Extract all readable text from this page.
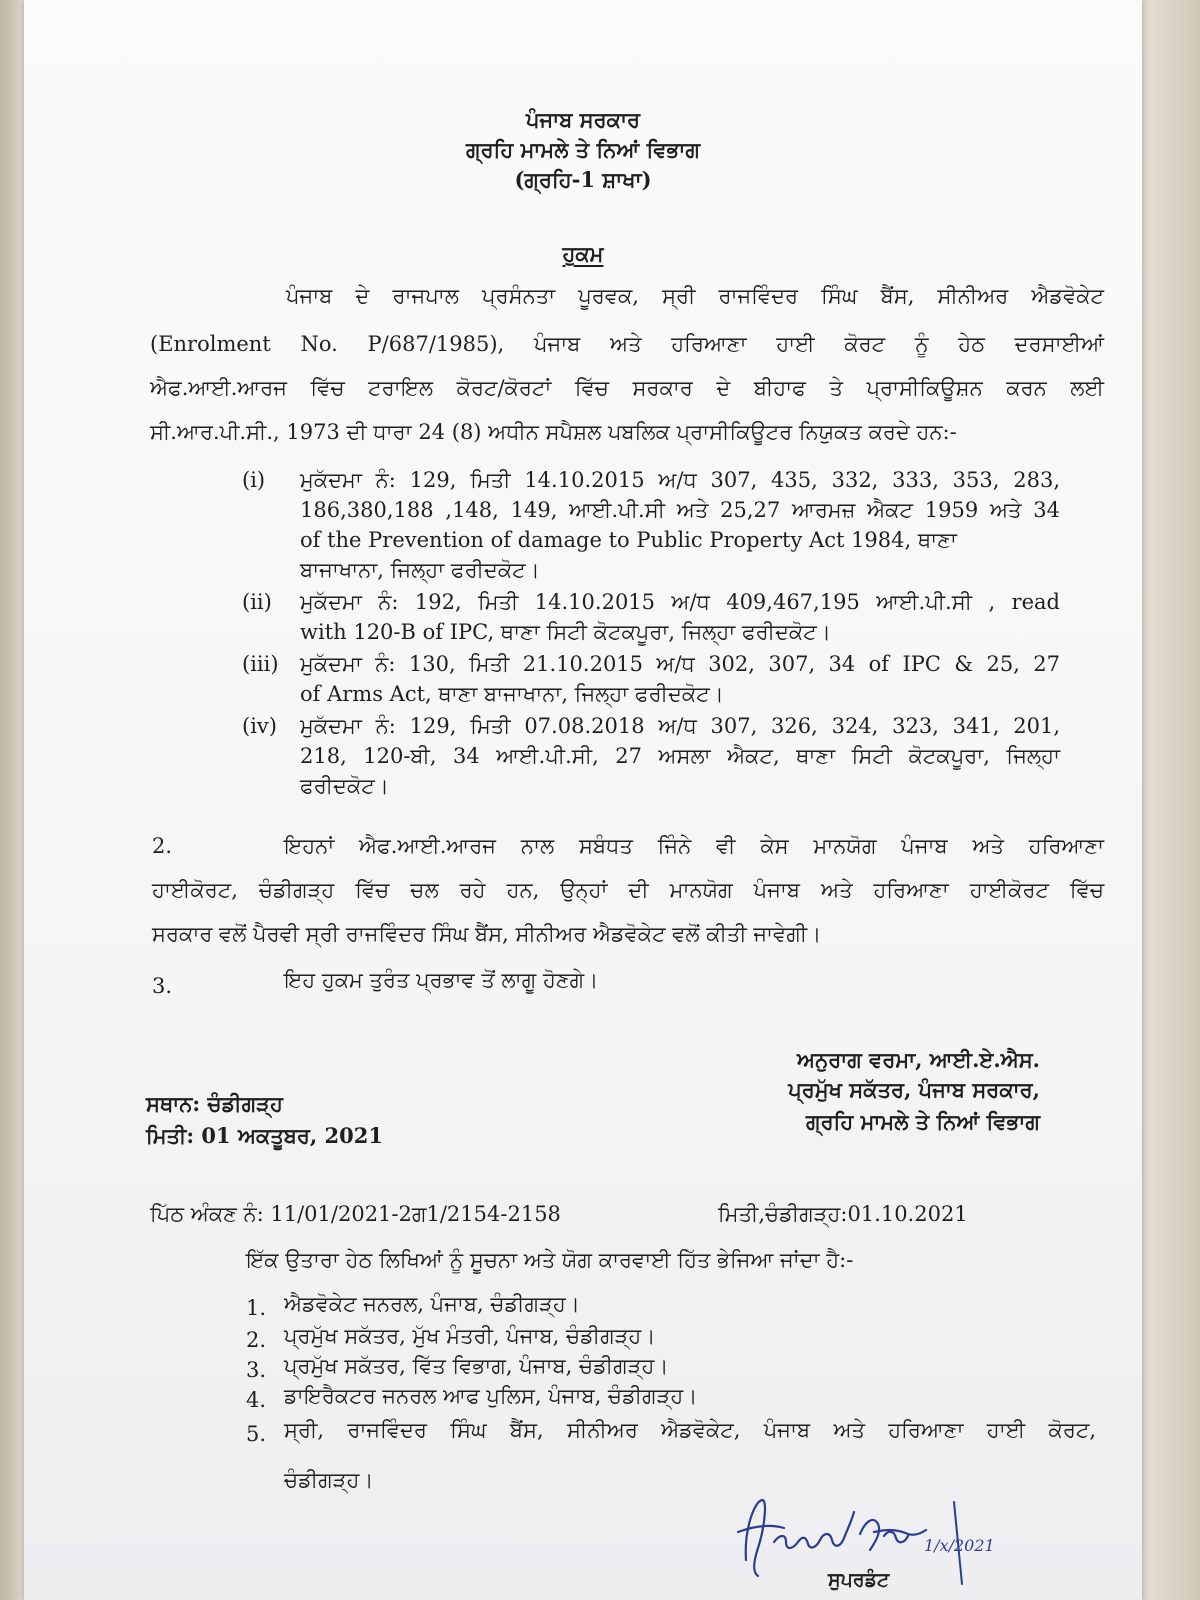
ਪੰਜਾਬ ਸਰਕਾਰ
ਗ੍ਰਹਿ ਮਾਮਲੇ ਤੇ ਨਿਆਂ ਵਿਭਾਗ
(ਗ੍ਰਹਿ-1 ਸ਼ਾਖਾ)
ਹੁਕਮ
ਪੰਜਾਬ ਦੇ ਰਾਜਪਾਲ ਪ੍ਰਸੰਨਤਾ ਪੂਰਵਕ, ਸ੍ਰੀ ਰਾਜਵਿੰਦਰ ਸਿੰਘ ਬੈਂਸ, ਸੀਨੀਅਰ ਐਡਵੋਕੇਟ
(Enrolment No. P/687/1985), ਪੰਜਾਬ ਅਤੇ ਹਰਿਆਣਾ ਹਾਈ ਕੋਰਟ ਨੂੰ ਹੇਠ ਦਰਸਾਈਆਂ
ਐਫ.ਆਈ.ਆਰਜ ਵਿੱਚ ਟਰਾਇਲ ਕੋਰਟ/ਕੋਰਟਾਂ ਵਿੱਚ ਸਰਕਾਰ ਦੇ ਬੀਹਾਫ ਤੇ ਪ੍ਰਾਸੀਕਿਊਸ਼ਨ ਕਰਨ ਲਈ
ਸੀ.ਆਰ.ਪੀ.ਸੀ., 1973 ਦੀ ਧਾਰਾ 24 (8) ਅਧੀਨ ਸਪੈਸ਼ਲ ਪਬਲਿਕ ਪ੍ਰਾਸੀਕਿਊਟਰ ਨਿਯੁਕਤ ਕਰਦੇ ਹਨ:-
(i) ਮੁਕੱਦਮਾ ਨੰ: 129, ਮਿਤੀ 14.10.2015 ਅ/ਧ 307, 435, 332, 333, 353, 283,
186,380,188 ,148, 149, ਆਈ.ਪੀ.ਸੀ ਅਤੇ 25,27 ਆਰਮਜ਼ ਐਕਟ 1959 ਅਤੇ 34
of the Prevention of damage to Public Property Act 1984, ਥਾਣਾ
ਬਾਜਾਖਾਨਾ, ਜਿਲ੍ਹਾ ਫਰੀਦਕੋਟ।
(ii) ਮੁਕੱਦਮਾ ਨੰ: 192, ਮਿਤੀ 14.10.2015 ਅ/ਧ 409,467,195 ਆਈ.ਪੀ.ਸੀ , read
with 120-B of IPC, ਥਾਣਾ ਸਿਟੀ ਕੋਟਕਪੂਰਾ, ਜਿਲ੍ਹਾ ਫਰੀਦਕੋਟ।
(iii) ਮੁਕੱਦਮਾ ਨੰ: 130, ਮਿਤੀ 21.10.2015 ਅ/ਧ 302, 307, 34 of IPC & 25, 27
of Arms Act, ਥਾਣਾ ਬਾਜਾਖਾਨਾ, ਜਿਲ੍ਹਾ ਫਰੀਦਕੋਟ।
(iv) ਮੁਕੱਦਮਾ ਨੰ: 129, ਮਿਤੀ 07.08.2018 ਅ/ਧ 307, 326, 324, 323, 341, 201,
218, 120-ਬੀ, 34 ਆਈ.ਪੀ.ਸੀ, 27 ਅਸਲਾ ਐਕਟ, ਥਾਣਾ ਸਿਟੀ ਕੋਟਕਪੂਰਾ, ਜਿਲ੍ਹਾ
ਫਰੀਦਕੋਟ।
2.	ਇਹਨਾਂ ਐਫ.ਆਈ.ਆਰਜ ਨਾਲ ਸਬੰਧਤ ਜਿੰਨੇ ਵੀ ਕੇਸ ਮਾਨਯੋਗ ਪੰਜਾਬ ਅਤੇ ਹਰਿਆਣਾ
ਹਾਈਕੋਰਟ, ਚੰਡੀਗੜ੍ਹ ਵਿੱਚ ਚਲ ਰਹੇ ਹਨ, ਉਨ੍ਹਾਂ ਦੀ ਮਾਨਯੋਗ ਪੰਜਾਬ ਅਤੇ ਹਰਿਆਣਾ ਹਾਈਕੋਰਟ ਵਿੱਚ
ਸਰਕਾਰ ਵਲੋਂ ਪੈਰਵੀ ਸ੍ਰੀ ਰਾਜਵਿੰਦਰ ਸਿੰਘ ਬੈਂਸ, ਸੀਨੀਅਰ ਐਡਵੋਕੇਟ ਵਲੋਂ ਕੀਤੀ ਜਾਵੇਗੀ।
3.	ਇਹ ਹੁਕਮ ਤੁਰੰਤ ਪ੍ਰਭਾਵ ਤੋਂ ਲਾਗੂ ਹੋਣਗੇ।
ਅਨੁਰਾਗ ਵਰਮਾ, ਆਈ.ਏ.ਐਸ.
ਪ੍ਰਮੁੱਖ ਸਕੱਤਰ, ਪੰਜਾਬ ਸਰਕਾਰ,
ਗ੍ਰਹਿ ਮਾਮਲੇ ਤੇ ਨਿਆਂ ਵਿਭਾਗ
ਸਥਾਨ: ਚੰਡੀਗੜ੍ਹ
ਮਿਤੀ: 01 ਅਕਤੂਬਰ, 2021
ਪਿੱਠ ਅੰਕਣ ਨੰ: 11/01/2021-2ਗ1/2154-2158	ਮਿਤੀ,ਚੰਡੀਗੜ੍ਹ:01.10.2021
ਇੱਕ ਉਤਾਰਾ ਹੇਠ ਲਿਖਿਆਂ ਨੂੰ ਸੂਚਨਾ ਅਤੇ ਯੋਗ ਕਾਰਵਾਈ ਹਿੱਤ ਭੇਜਿਆ ਜਾਂਦਾ ਹੈ:-
1. ਐਡਵੋਕੇਟ ਜਨਰਲ, ਪੰਜਾਬ, ਚੰਡੀਗੜ੍ਹ।
2. ਪ੍ਰਮੁੱਖ ਸਕੱਤਰ, ਮੁੱਖ ਮੰਤਰੀ, ਪੰਜਾਬ, ਚੰਡੀਗੜ੍ਹ।
3. ਪ੍ਰਮੁੱਖ ਸਕੱਤਰ, ਵਿੱਤ ਵਿਭਾਗ, ਪੰਜਾਬ, ਚੰਡੀਗੜ੍ਹ।
4. ਡਾਇਰੈਕਟਰ ਜਨਰਲ ਆਫ ਪੁਲਿਸ, ਪੰਜਾਬ, ਚੰਡੀਗੜ੍ਹ।
5. ਸ੍ਰੀ, ਰਾਜਵਿੰਦਰ ਸਿੰਘ ਬੈਂਸ, ਸੀਨੀਅਰ ਐਡਵੋਕੇਟ, ਪੰਜਾਬ ਅਤੇ ਹਰਿਆਣਾ ਹਾਈ ਕੋਰਟ,
ਚੰਡੀਗੜ੍ਹ।
ਸੁਪਰਡੰਟ
1/x/2021
